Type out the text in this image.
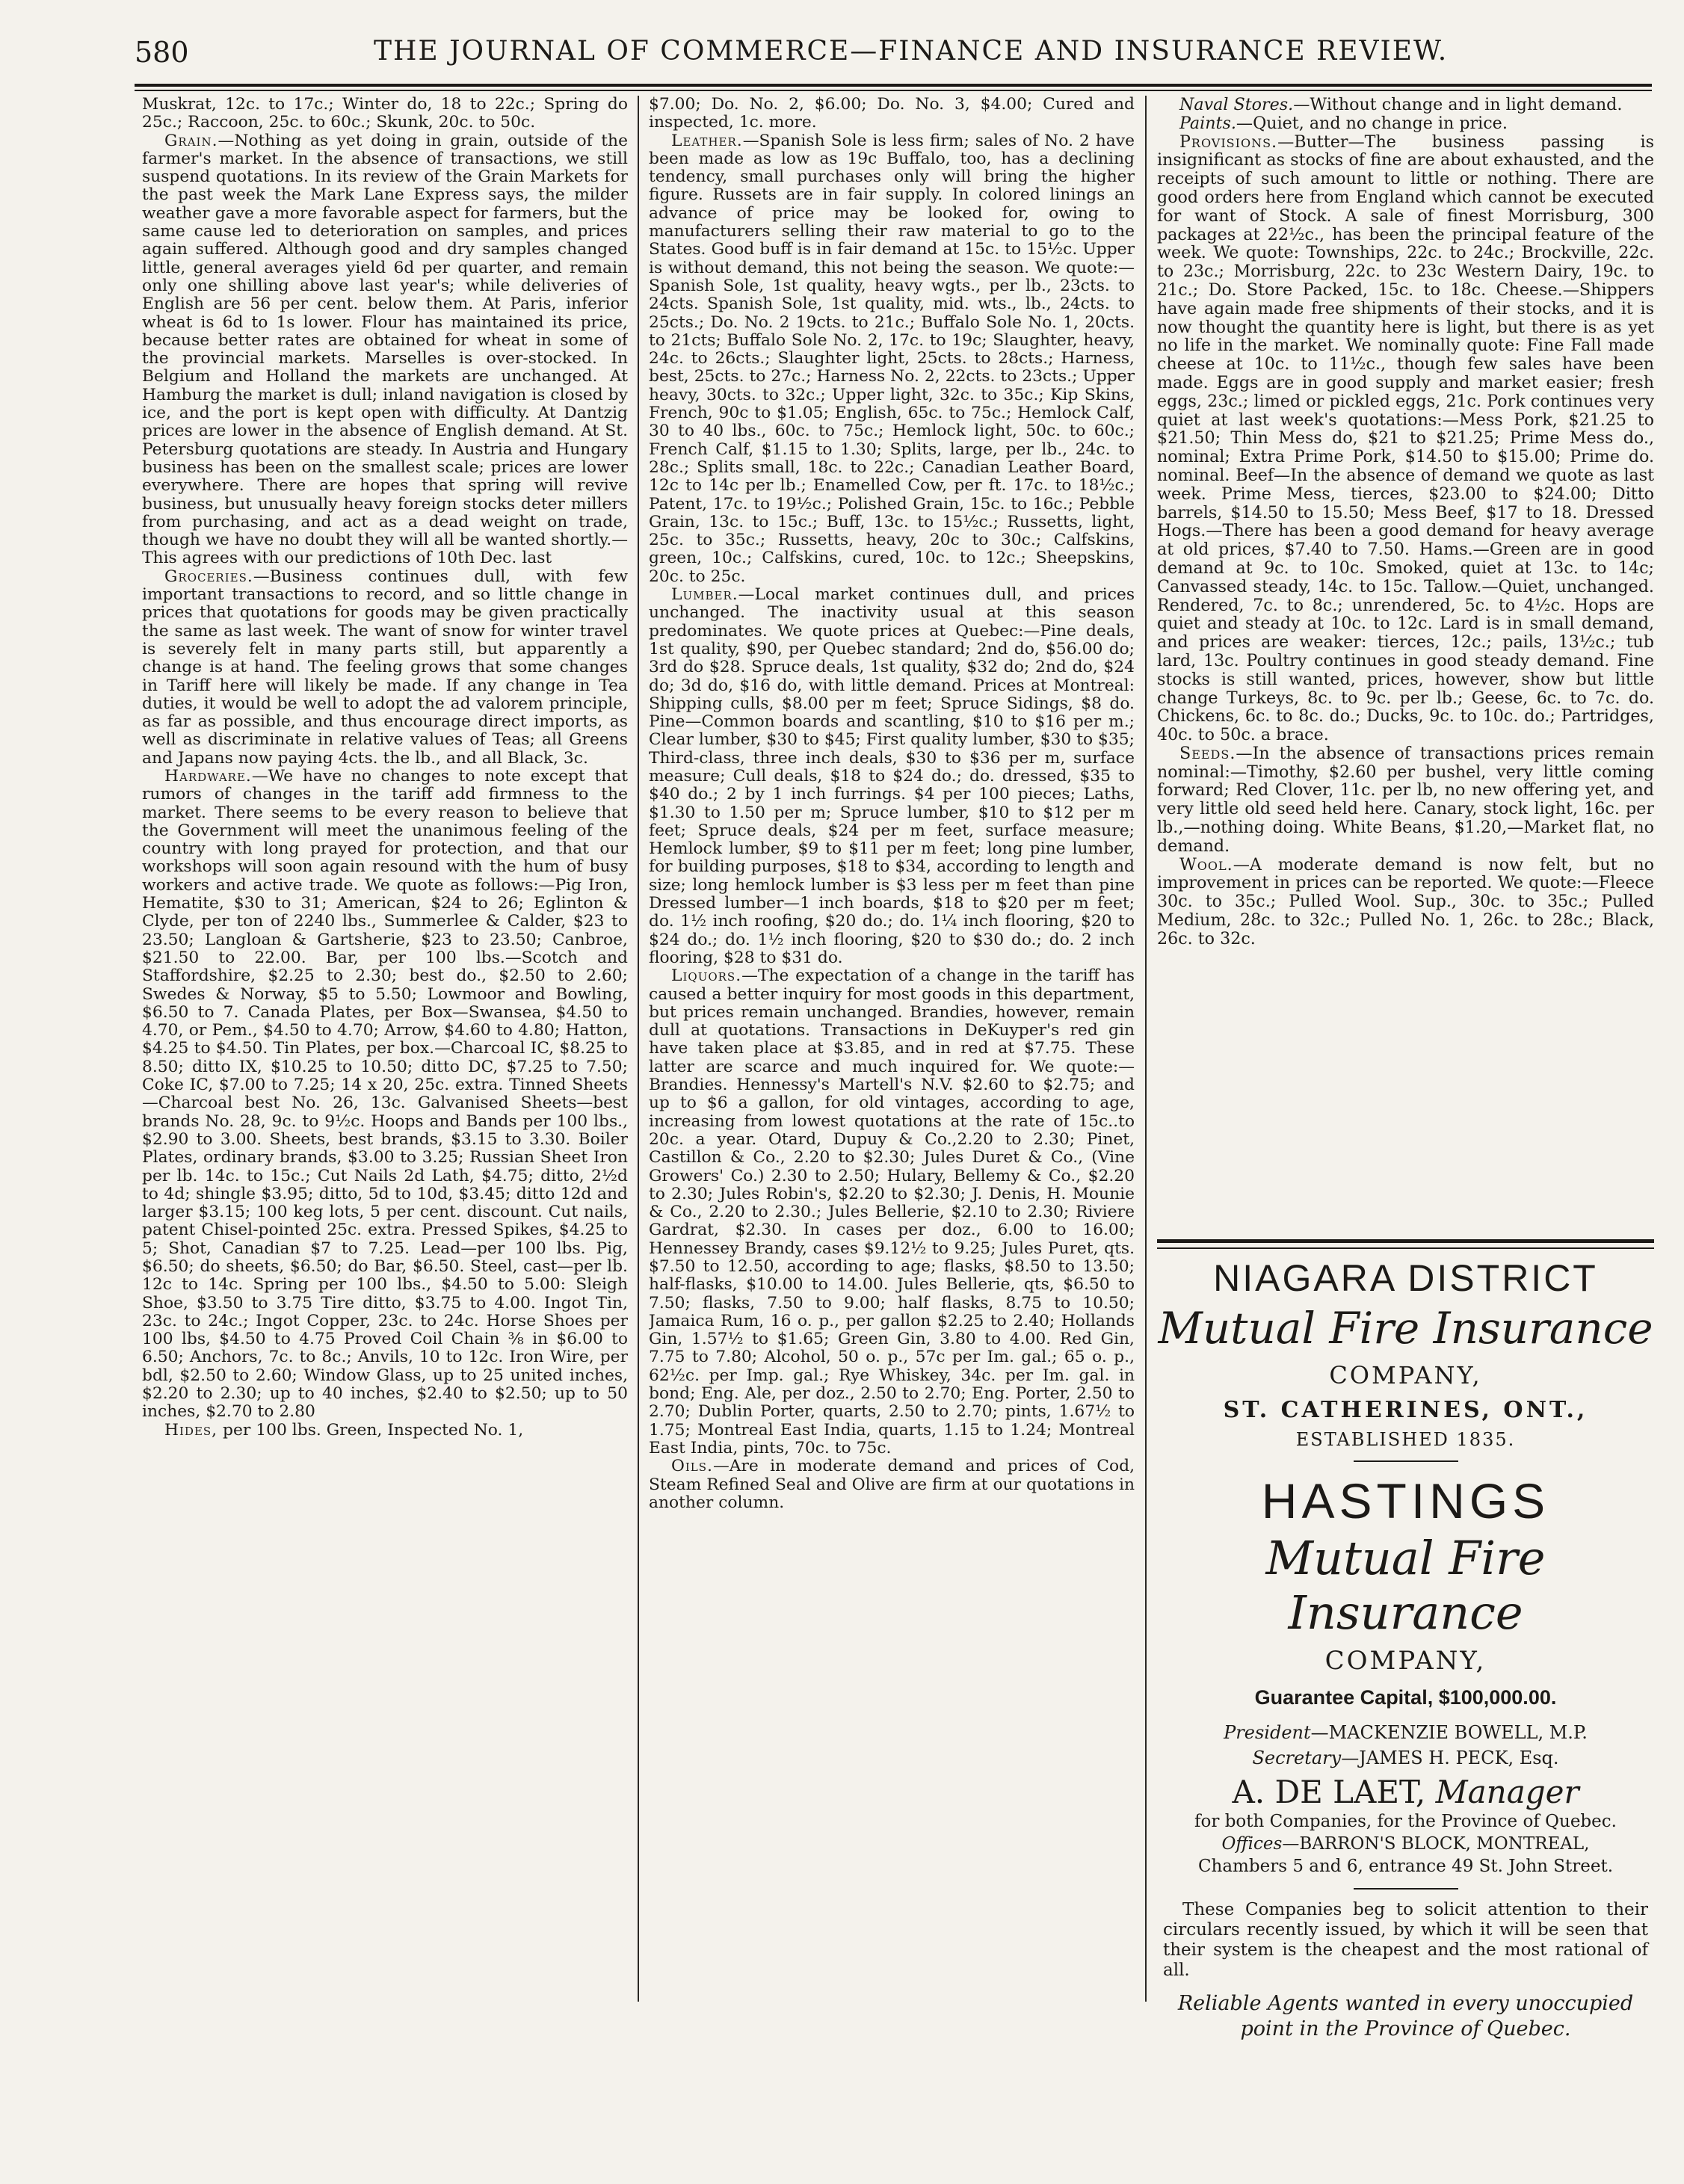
580	THE JOURNAL OF COMMERCE—FINANCE AND INSURANCE REVIEW.

Muskrat, 12c. to 17c.; Winter do, 18 to 22c.; Spring do 25c.; Raccoon, 25c. to 60c.; Skunk, 20c. to 50c.

Grain.—Nothing as yet doing in grain, outside of the farmer's market. In the absence of transactions, we still suspend quotations. In its review of the Grain Markets for the past week the Mark Lane Express says, the milder weather gave a more favorable aspect for farmers, but the same cause led to deterioration on samples, and prices again suffered. Although good and dry samples changed little, general averages yield 6d per quarter, and remain only one shilling above last year's; while deliveries of English are 56 per cent. below them. At Paris, inferior wheat is 6d to 1s lower. Flour has maintained its price, because better rates are obtained for wheat in some of the provincial markets. Marselles is over-stocked. In Belgium and Holland the markets are unchanged. At Hamburg the market is dull; inland navigation is closed by ice, and the port is kept open with difficulty. At Dantzig prices are lower in the absence of English demand. At St. Petersburg quotations are steady. In Austria and Hungary business has been on the smallest scale; prices are lower everywhere. There are hopes that spring will revive business, but unusually heavy foreign stocks deter millers from purchasing, and act as a dead weight on trade, though we have no doubt they will all be wanted shortly.—This agrees with our predictions of 10th Dec. last

Groceries.—Business continues dull, with few important transactions to record, and so little change in prices that quotations for goods may be given practically the same as last week. The want of snow for winter travel is severely felt in many parts still, but apparently a change is at hand. The feeling grows that some changes in Tariff here will likely be made. If any change in Tea duties, it would be well to adopt the ad valorem principle, as far as possible, and thus encourage direct imports, as well as discriminate in relative values of Teas; all Greens and Japans now paying 4cts. the lb., and all Black, 3c.

Hardware.—We have no changes to note except that rumors of changes in the tariff add firmness to the market. There seems to be every reason to believe that the Government will meet the unanimous feeling of the country with long prayed for protection, and that our workshops will soon again resound with the hum of busy workers and active trade. We quote as follows:—Pig Iron, Hematite, $30 to 31; American, $24 to 26; Eglinton & Clyde, per ton of 2240 lbs., Summerlee & Calder, $23 to 23.50; Langloan & Gartsherie, $23 to 23.50; Canbroe, $21.50 to 22.00. Bar, per 100 lbs.—Scotch and Staffordshire, $2.25 to 2.30; best do., $2.50 to 2.60; Swedes & Norway, $5 to 5.50; Lowmoor and Bowling, $6.50 to 7. Canada Plates, per Box—Swansea, $4.50 to 4.70, or Pem., $4.50 to 4.70; Arrow, $4.60 to 4.80; Hatton, $4.25 to $4.50. Tin Plates, per box.—Charcoal IC, $8.25 to 8.50; ditto IX, $10.25 to 10.50; ditto DC, $7.25 to 7.50; Coke IC, $7.00 to 7.25; 14 x 20, 25c. extra. Tinned Sheets—Charcoal best No. 26, 13c. Galvanised Sheets—best brands No. 28, 9c. to 9½c. Hoops and Bands per 100 lbs., $2.90 to 3.00. Sheets, best brands, $3.15 to 3.30. Boiler Plates, ordinary brands, $3.00 to 3.25; Russian Sheet Iron per lb. 14c. to 15c.; Cut Nails 2d Lath, $4.75; ditto, 2½d to 4d; shingle $3.95; ditto, 5d to 10d, $3.45; ditto 12d and larger $3.15; 100 keg lots, 5 per cent. discount. Cut nails, patent Chisel-pointed 25c. extra. Pressed Spikes, $4.25 to 5; Shot, Canadian $7 to 7.25. Lead—per 100 lbs. Pig, $6.50; do sheets, $6.50; do Bar, $6.50. Steel, cast—per lb. 12c to 14c. Spring per 100 lbs., $4.50 to 5.00: Sleigh Shoe, $3.50 to 3.75 Tire ditto, $3.75 to 4.00. Ingot Tin, 23c. to 24c.; Ingot Copper, 23c. to 24c. Horse Shoes per 100 lbs, $4.50 to 4.75 Proved Coil Chain ⅜ in $6.00 to 6.50; Anchors, 7c. to 8c.; Anvils, 10 to 12c. Iron Wire, per bdl, $2.50 to 2.60; Window Glass, up to 25 united inches, $2.20 to 2.30; up to 40 inches, $2.40 to $2.50; up to 50 inches, $2.70 to 2.80

Hides, per 100 lbs. Green, Inspected No. 1,

$7.00; Do. No. 2, $6.00; Do. No. 3, $4.00; Cured and inspected, 1c. more.

Leather.—Spanish Sole is less firm; sales of No. 2 have been made as low as 19c Buffalo, too, has a declining tendency, small purchases only will bring the higher figure. Russets are in fair supply. In colored linings an advance of price may be looked for, owing to manufacturers selling their raw material to go to the States. Good buff is in fair demand at 15c. to 15½c. Upper is without demand, this not being the season. We quote:—Spanish Sole, 1st quality, heavy wgts., per lb., 23cts. to 24cts. Spanish Sole, 1st quality, mid. wts., lb., 24cts. to 25cts.; Do. No. 2 19cts. to 21c.; Buffalo Sole No. 1, 20cts. to 21cts; Buffalo Sole No. 2, 17c. to 19c; Slaughter, heavy, 24c. to 26cts.; Slaughter light, 25cts. to 28cts.; Harness, best, 25cts. to 27c.; Harness No. 2, 22cts. to 23cts.; Upper heavy, 30cts. to 32c.; Upper light, 32c. to 35c.; Kip Skins, French, 90c to $1.05; English, 65c. to 75c.; Hemlock Calf, 30 to 40 lbs., 60c. to 75c.; Hemlock light, 50c. to 60c.; French Calf, $1.15 to 1.30; Splits, large, per lb., 24c. to 28c.; Splits small, 18c. to 22c.; Canadian Leather Board, 12c to 14c per lb.; Enamelled Cow, per ft. 17c. to 18½c.; Patent, 17c. to 19½c.; Polished Grain, 15c. to 16c.; Pebble Grain, 13c. to 15c.; Buff, 13c. to 15½c.; Russetts, light, 25c. to 35c.; Russetts, heavy, 20c to 30c.; Calfskins, green, 10c.; Calfskins, cured, 10c. to 12c.; Sheepskins, 20c. to 25c.

Lumber.—Local market continues dull, and prices unchanged. The inactivity usual at this season predominates. We quote prices at Quebec:—Pine deals, 1st quality, $90, per Quebec standard; 2nd do, $56.00 do; 3rd do $28. Spruce deals, 1st quality, $32 do; 2nd do, $24 do; 3d do, $16 do, with little demand. Prices at Montreal: Shipping culls, $8.00 per m feet; Spruce Sidings, $8 do. Pine—Common boards and scantling, $10 to $16 per m.; Clear lumber, $30 to $45; First quality lumber, $30 to $35; Third-class, three inch deals, $30 to $36 per m, surface measure; Cull deals, $18 to $24 do.; do. dressed, $35 to $40 do.; 2 by 1 inch furrings. $4 per 100 pieces; Laths, $1.30 to 1.50 per m; Spruce lumber, $10 to $12 per m feet; Spruce deals, $24 per m feet, surface measure; Hemlock lumber, $9 to $11 per m feet; long pine lumber, for building purposes, $18 to $34, according to length and size; long hemlock lumber is $3 less per m feet than pine Dressed lumber—1 inch boards, $18 to $20 per m feet; do. 1½ inch roofing, $20 do.; do. 1¼ inch flooring, $20 to $24 do.; do. 1½ inch flooring, $20 to $30 do.; do. 2 inch flooring, $28 to $31 do.

Liquors.—The expectation of a change in the tariff has caused a better inquiry for most goods in this department, but prices remain unchanged. Brandies, however, remain dull at quotations. Transactions in DeKuyper's red gin have taken place at $3.85, and in red at $7.75. These latter are scarce and much inquired for. We quote:—Brandies. Hennessy's Martell's N.V. $2.60 to $2.75; and up to $6 a gallon, for old vintages, according to age, increasing from lowest quotations at the rate of 15c..to 20c. a year. Otard, Dupuy & Co.,2.20 to 2.30; Pinet, Castillon & Co., 2.20 to $2.30; Jules Duret & Co., (Vine Growers' Co.) 2.30 to 2.50; Hulary, Bellemy & Co., $2.20 to 2.30; Jules Robin's, $2.20 to $2.30; J. Denis, H. Mounie & Co., 2.20 to 2.30.; Jules Bellerie, $2.10 to 2.30; Riviere Gardrat, $2.30. In cases per doz., 6.00 to 16.00; Hennessey Brandy, cases $9.12½ to 9.25; Jules Puret, qts. $7.50 to 12.50, according to age; flasks, $8.50 to 13.50; half-flasks, $10.00 to 14.00. Jules Bellerie, qts, $6.50 to 7.50; flasks, 7.50 to 9.00; half flasks, 8.75 to 10.50; Jamaica Rum, 16 o. p., per gallon $2.25 to 2.40; Hollands Gin, 1.57½ to $1.65; Green Gin, 3.80 to 4.00. Red Gin, 7.75 to 7.80; Alcohol, 50 o. p., 57c per Im. gal.; 65 o. p., 62½c. per Imp. gal.; Rye Whiskey, 34c. per Im. gal. in bond; Eng. Ale, per doz., 2.50 to 2.70; Eng. Porter, 2.50 to 2.70; Dublin Porter, quarts, 2.50 to 2.70; pints, 1.67½ to 1.75; Montreal East India, quarts, 1.15 to 1.24; Montreal East India, pints, 70c. to 75c.

Oils.—Are in moderate demand and prices of Cod, Steam Refined Seal and Olive are firm at our quotations in another column.

Naval Stores.—Without change and in light demand.

Paints.—Quiet, and no change in price.

Provisions.—Butter—The business passing is insignificant as stocks of fine are about exhausted, and the receipts of such amount to little or nothing. There are good orders here from England which cannot be executed for want of Stock. A sale of finest Morrisburg, 300 packages at 22½c., has been the principal feature of the week. We quote: Townships, 22c. to 24c.; Brockville, 22c. to 23c.; Morrisburg, 22c. to 23c Western Dairy, 19c. to 21c.; Do. Store Packed, 15c. to 18c. Cheese.—Shippers have again made free shipments of their stocks, and it is now thought the quantity here is light, but there is as yet no life in the market. We nominally quote: Fine Fall made cheese at 10c. to 11½c., though few sales have been made. Eggs are in good supply and market easier; fresh eggs, 23c.; limed or pickled eggs, 21c. Pork continues very quiet at last week's quotations:—Mess Pork, $21.25 to $21.50; Thin Mess do, $21 to $21.25; Prime Mess do., nominal; Extra Prime Pork, $14.50 to $15.00; Prime do. nominal. Beef—In the absence of demand we quote as last week. Prime Mess, tierces, $23.00 to $24.00; Ditto barrels, $14.50 to 15.50; Mess Beef, $17 to 18. Dressed Hogs.—There has been a good demand for heavy average at old prices, $7.40 to 7.50. Hams.—Green are in good demand at 9c. to 10c. Smoked, quiet at 13c. to 14c; Canvassed steady, 14c. to 15c. Tallow.—Quiet, unchanged. Rendered, 7c. to 8c.; unrendered, 5c. to 4½c. Hops are quiet and steady at 10c. to 12c. Lard is in small demand, and prices are weaker: tierces, 12c.; pails, 13½c.; tub lard, 13c. Poultry continues in good steady demand. Fine stocks is still wanted, prices, however, show but little change Turkeys, 8c. to 9c. per lb.; Geese, 6c. to 7c. do. Chickens, 6c. to 8c. do.; Ducks, 9c. to 10c. do.; Partridges, 40c. to 50c. a brace.

Seeds.—In the absence of transactions prices remain nominal:—Timothy, $2.60 per bushel, very little coming forward; Red Clover, 11c. per lb, no new offering yet, and very little old seed held here. Canary, stock light, 16c. per lb.,—nothing doing. White Beans, $1.20,—Market flat, no demand.

Wool.—A moderate demand is now felt, but no improvement in prices can be reported. We quote:—Fleece 30c. to 35c.; Pulled Wool. Sup., 30c. to 35c.; Pulled Medium, 28c. to 32c.; Pulled No. 1, 26c. to 28c.; Black, 26c. to 32c.

NIAGARA DISTRICT
Mutual Fire Insurance
COMPANY,
ST. CATHERINES, ONT.,
ESTABLISHED 1835.
HASTINGS
Mutual Fire Insurance
COMPANY,
Guarantee Capital, $100,000.00.
President—MACKENZIE BOWELL, M.P.
Secretary—JAMES H. PECK, Esq.
A. DE LAET, Manager
for both Companies, for the Province of Quebec.
Offices—BARRON'S BLOCK, MONTREAL,
Chambers 5 and 6, entrance 49 St. John Street.
These Companies beg to solicit attention to their circulars recently issued, by which it will be seen that their system is the cheapest and the most rational of all.
Reliable Agents wanted in every unoccupied point in the Province of Quebec.
